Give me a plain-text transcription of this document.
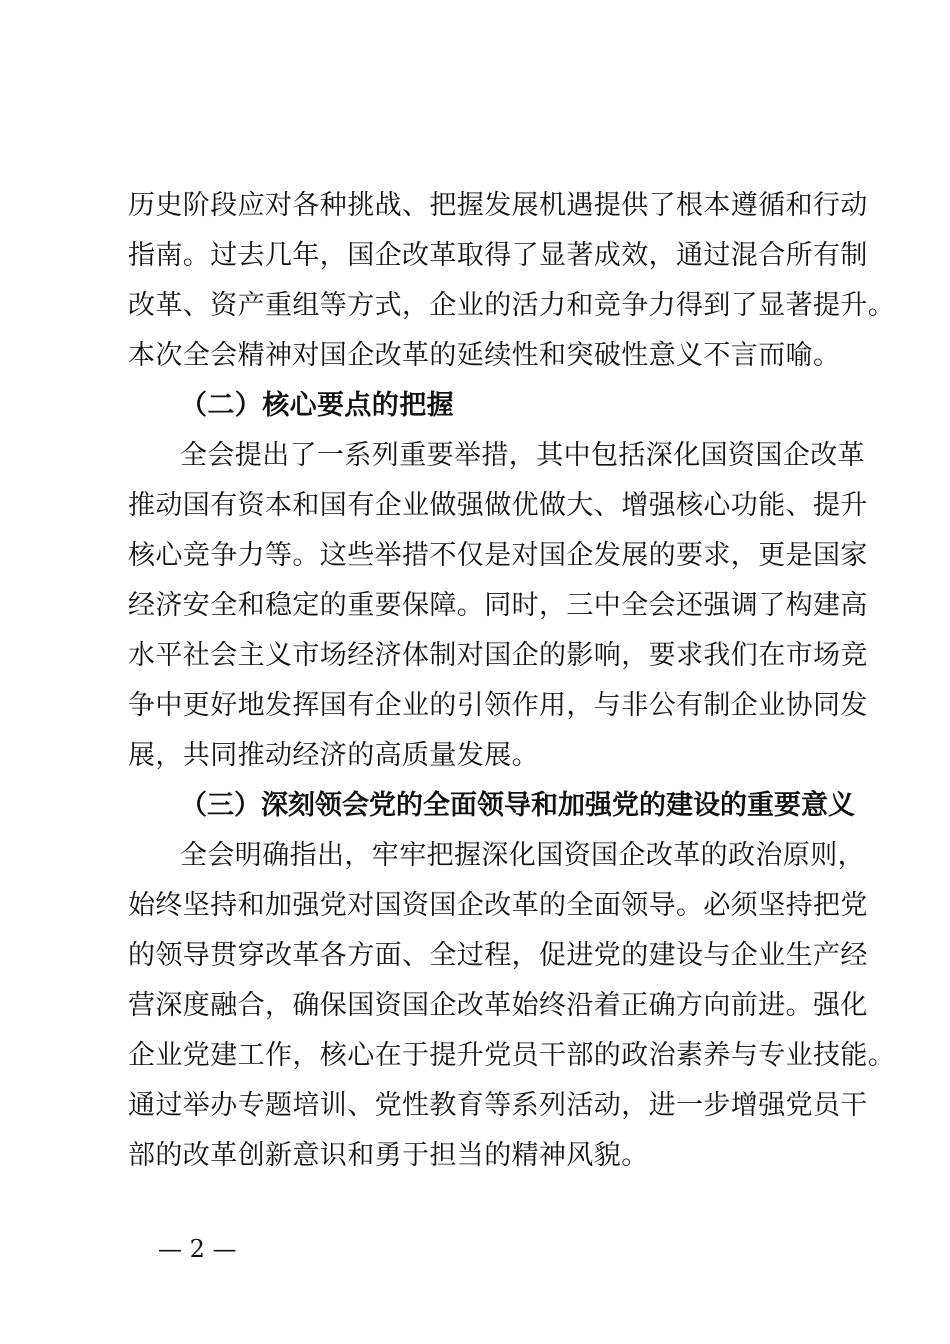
历史阶段应对各种挑战、把握发展机遇提供了根本遵循和行动
指南。过去几年，国企改革取得了显著成效，通过混合所有制
改革、资产重组等方式，企业的活力和竞争力得到了显著提升。
本次全会精神对国企改革的延续性和突破性意义不言而喻。
（二）核心要点的把握
全会提出了一系列重要举措，其中包括深化国资国企改革
推动国有资本和国有企业做强做优做大、增强核心功能、提升
核心竞争力等。这些举措不仅是对国企发展的要求，更是国家
经济安全和稳定的重要保障。同时，三中全会还强调了构建高
水平社会主义市场经济体制对国企的影响，要求我们在市场竞
争中更好地发挥国有企业的引领作用，与非公有制企业协同发
展，共同推动经济的高质量发展。
（三）深刻领会党的全面领导和加强党的建设的重要意义
全会明确指出，牢牢把握深化国资国企改革的政治原则，
始终坚持和加强党对国资国企改革的全面领导。必须坚持把党
的领导贯穿改革各方面、全过程，促进党的建设与企业生产经
营深度融合，确保国资国企改革始终沿着正确方向前进。强化
企业党建工作，核心在于提升党员干部的政治素养与专业技能。
通过举办专题培训、党性教育等系列活动，进一步增强党员干
部的改革创新意识和勇于担当的精神风貌。
— 2 —
